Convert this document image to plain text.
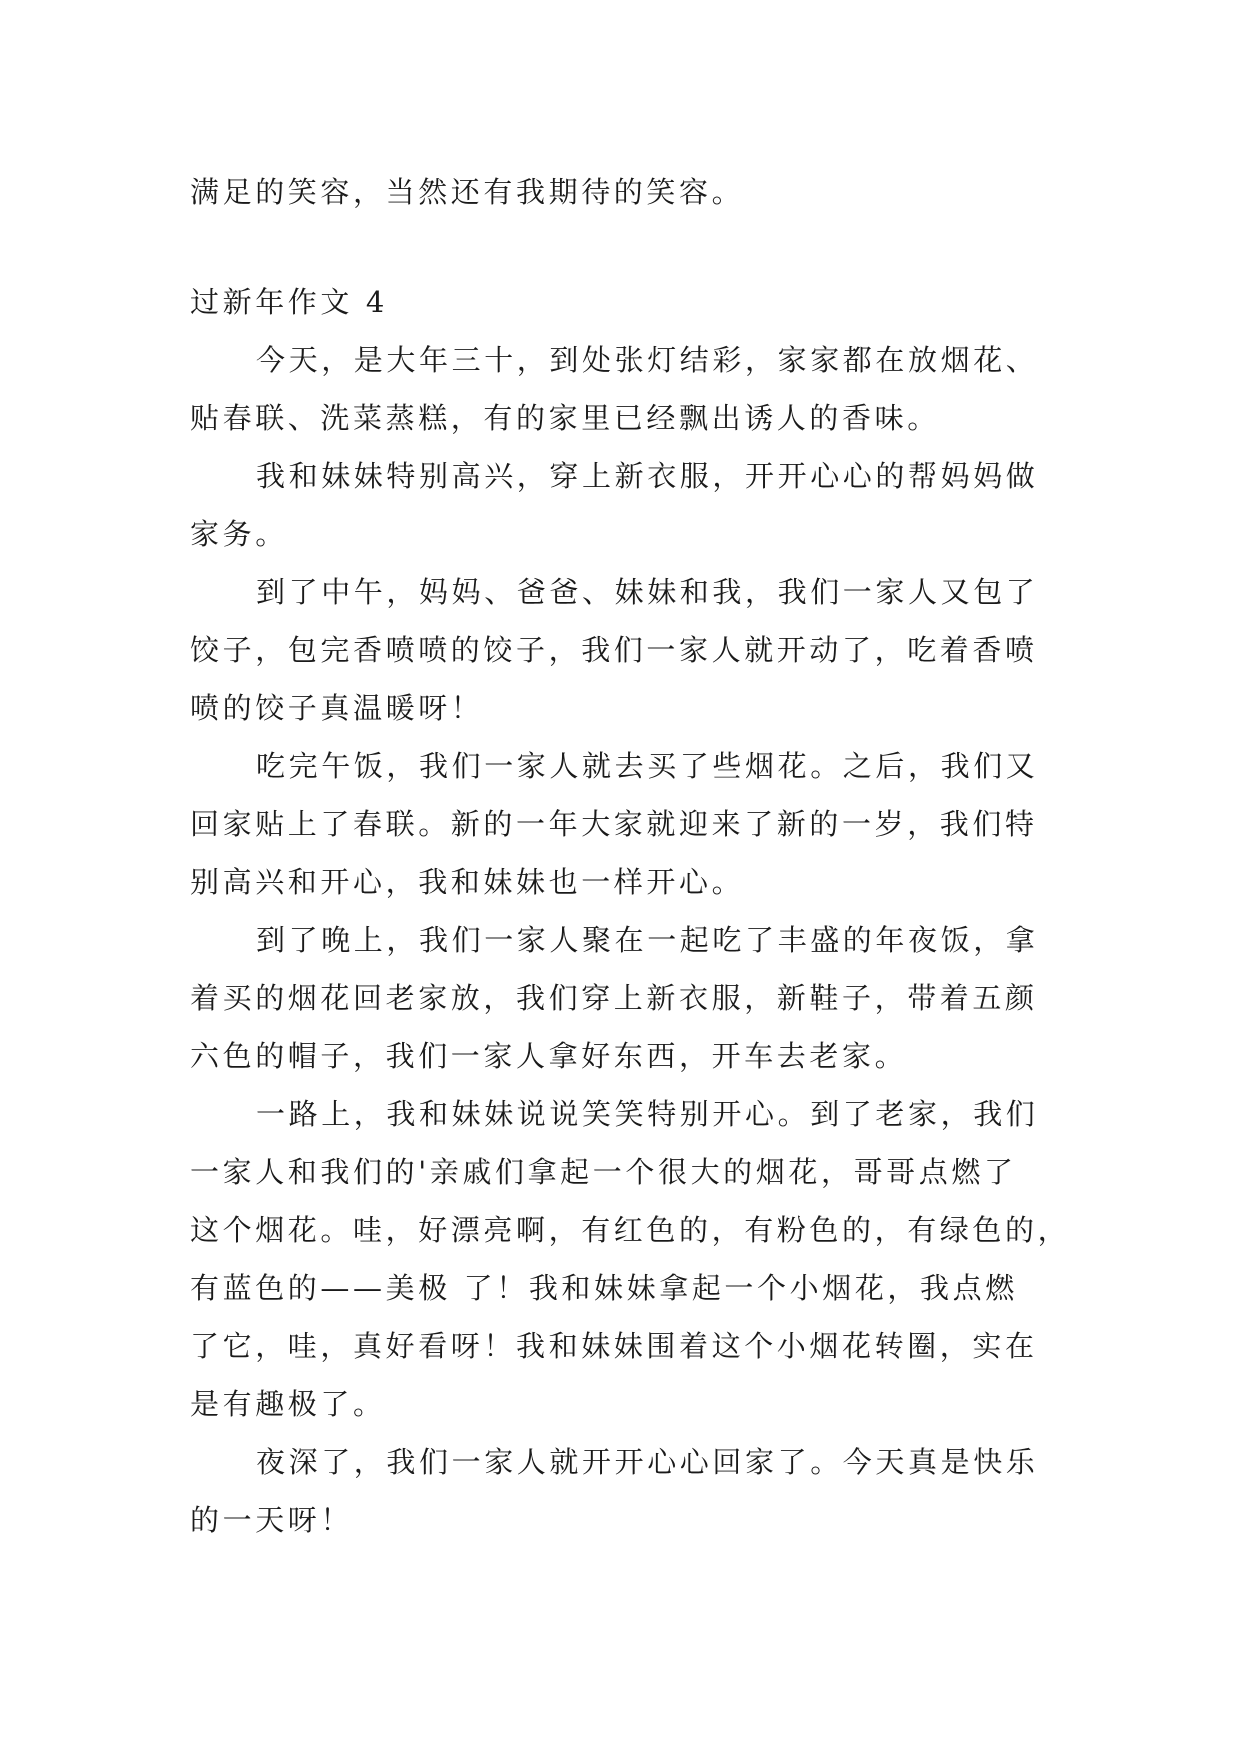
满足的笑容，当然还有我期待的笑容。

过新年作文 4

今天，是大年三十，到处张灯结彩，家家都在放烟花、

贴春联、洗菜蒸糕，有的家里已经飘出诱人的香味。

我和妹妹特别高兴，穿上新衣服，开开心心的帮妈妈做

家务。

到了中午，妈妈、爸爸、妹妹和我，我们一家人又包了

饺子，包完香喷喷的饺子，我们一家人就开动了，吃着香喷

喷的饺子真温暖呀！

吃完午饭，我们一家人就去买了些烟花。之后，我们又

回家贴上了春联。新的一年大家就迎来了新的一岁，我们特

别高兴和开心，我和妹妹也一样开心。

到了晚上，我们一家人聚在一起吃了丰盛的年夜饭，拿

着买的烟花回老家放，我们穿上新衣服，新鞋子，带着五颜

六色的帽子，我们一家人拿好东西，开车去老家。

一路上，我和妹妹说说笑笑特别开心。到了老家，我们

一家人和我们的'亲戚们拿起一个很大的烟花，哥哥点燃了

这个烟花。哇，好漂亮啊，有红色的，有粉色的，有绿色的，

有蓝色的——美极 了！我和妹妹拿起一个小烟花，我点燃

了它，哇，真好看呀！我和妹妹围着这个小烟花转圈，实在

是有趣极了。

夜深了，我们一家人就开开心心回家了。今天真是快乐

的一天呀！
